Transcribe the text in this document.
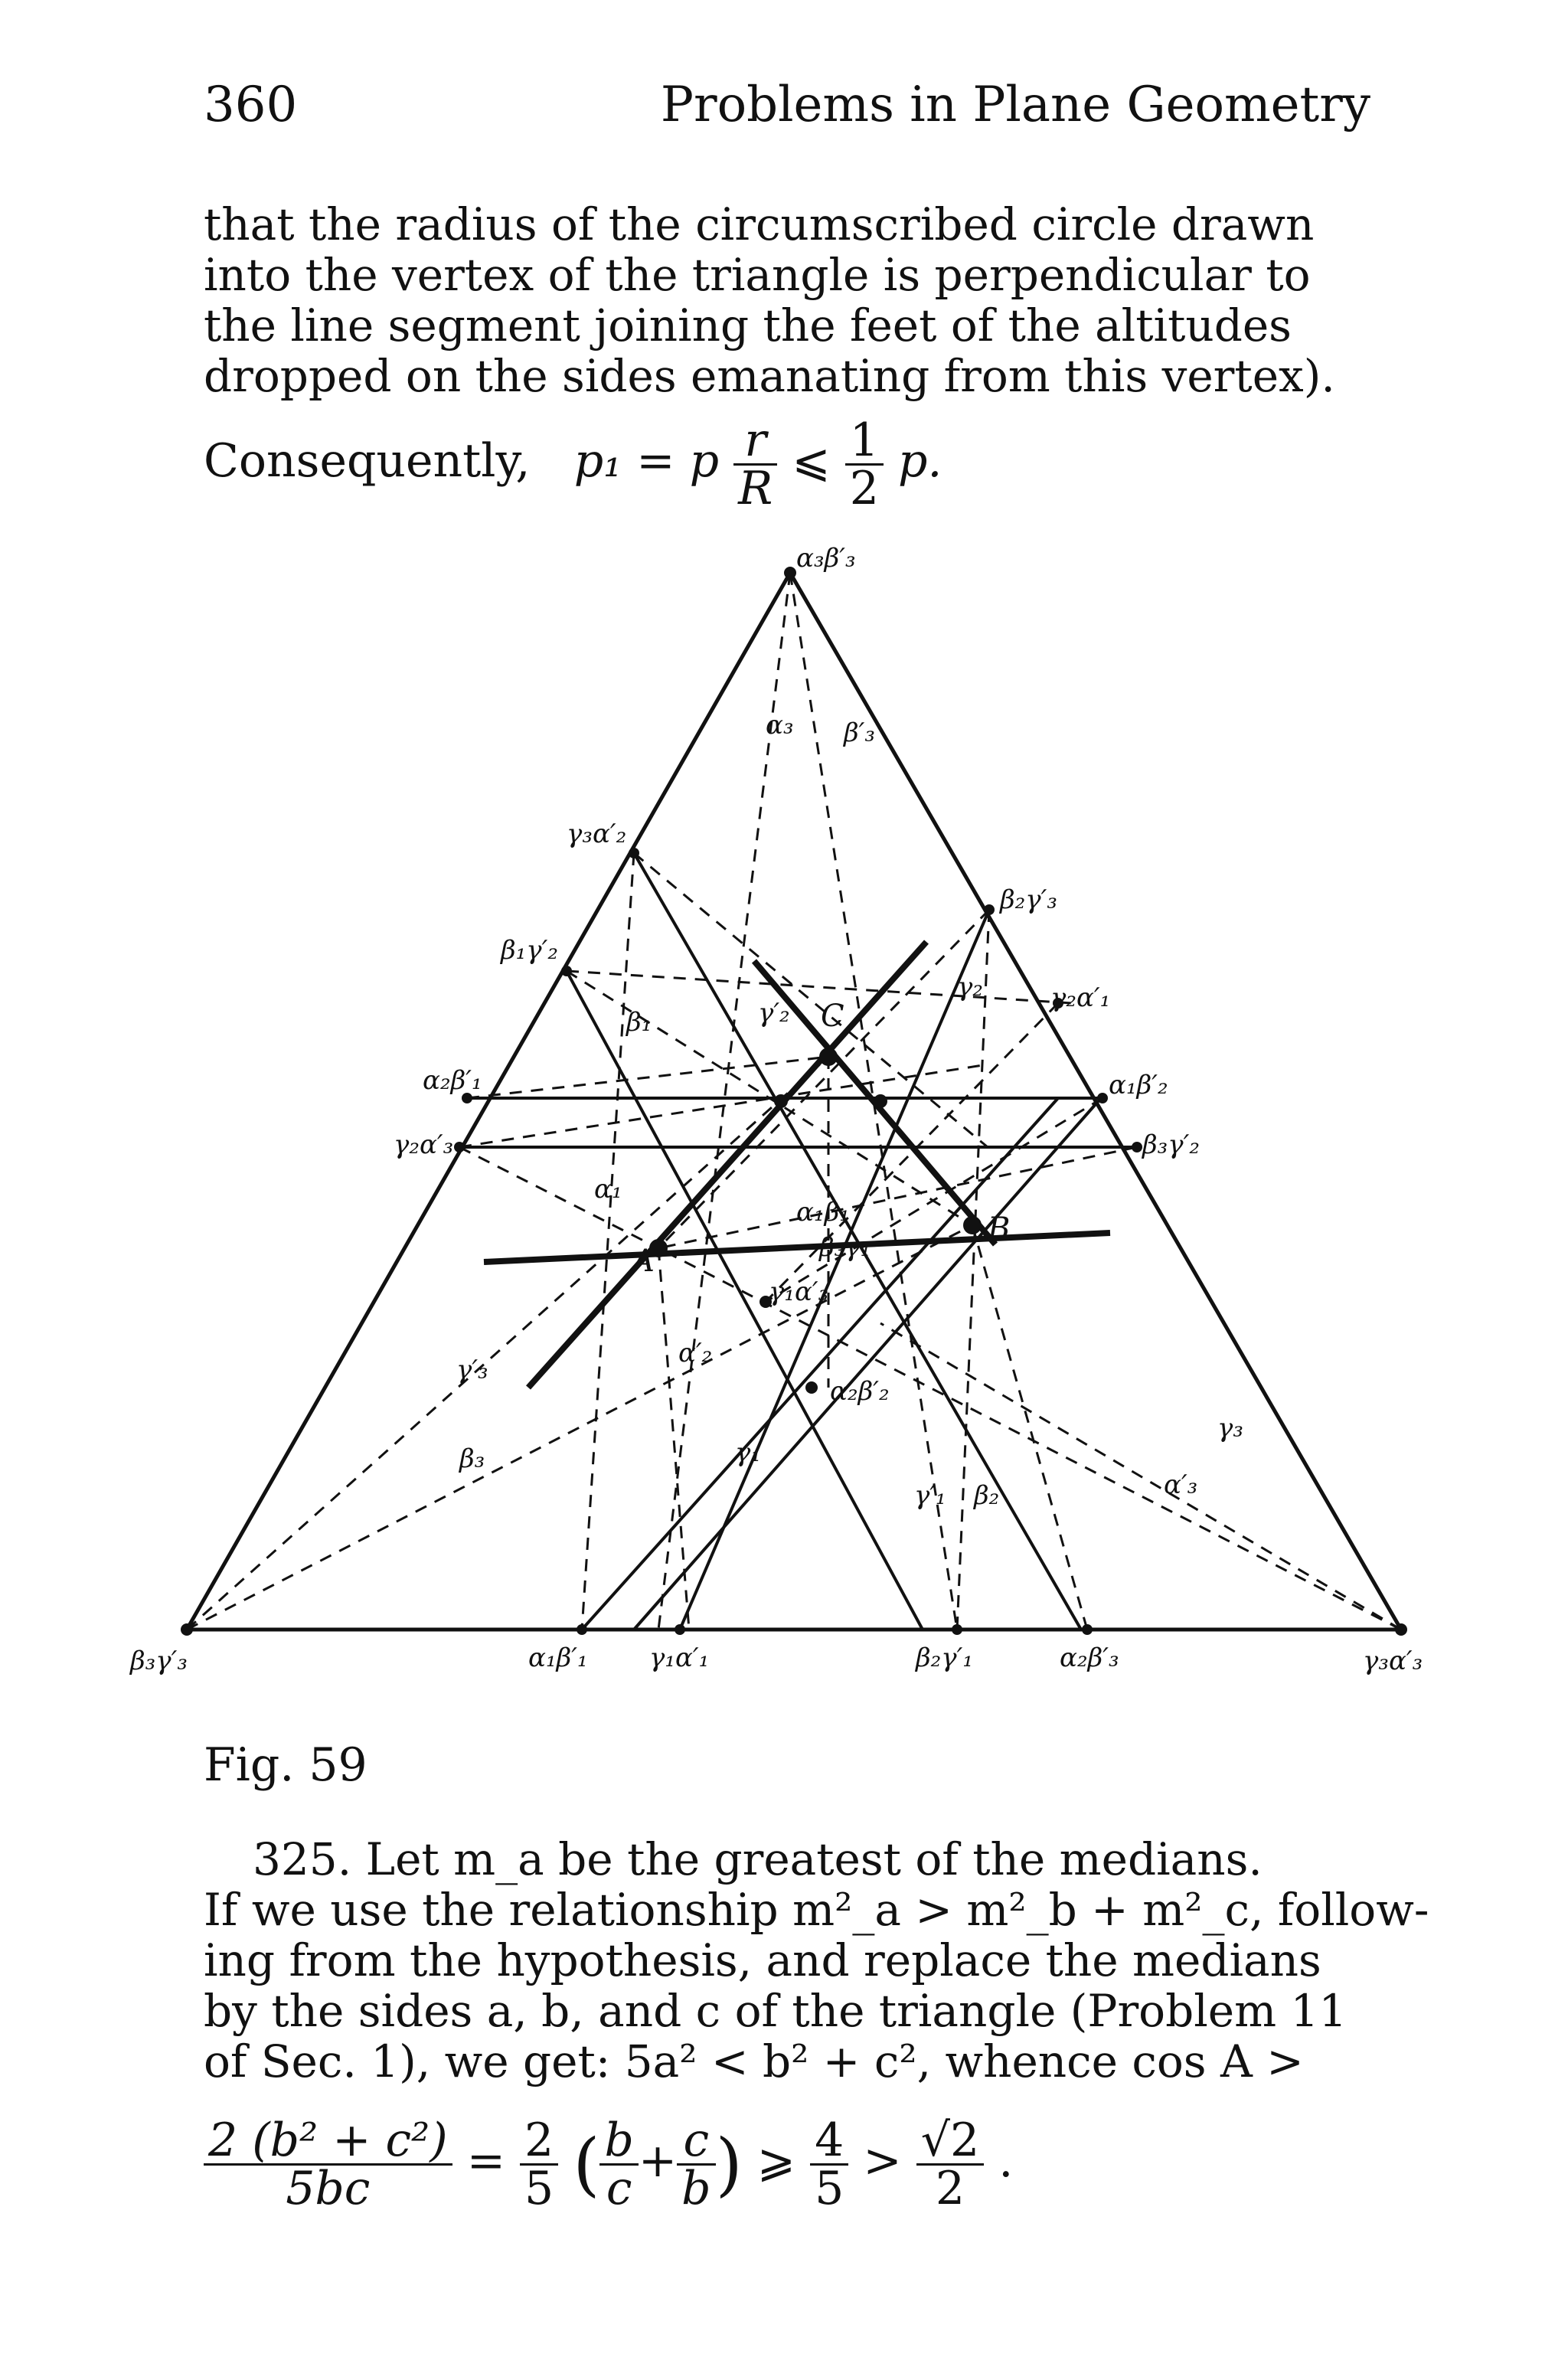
360	Problems in Plane Geometry
that the radius of the circumscribed circle drawn
into the vertex of the triangle is perpendicular to
the line segment joining the feet of the altitudes
dropped on the sides emanating from this vertex).
Consequently, p₁ = p $\frac{r}{R}$ ⩽ $\frac{1}{2} p$.
α₃β′₃
β₃γ′₃	γ₃α′₃
α₁β′₁ γ₁α′₁	β₂γ′₁	α₂β′₃
γ₃α′₂
β₁γ′₂
α₂β′₁
γ₂α′₃
β₂γ′₃
γ₂α′₁
α₁β′₂
β₃γ′₂
A
B
C
α₃ β′₃
γ′₃
β₃
γ₃
α′₃
α′₂
γ₁
γ′₁ β₂
α₂β′₂
γ₁α′₃
β₃γ₁
α₁β₁
β₁
α₁
γ′₂
γ₂
Fig. 59
325. Let m_a be the greatest of the medians.
If we use the relationship m²_a > m²_b + m²_c, follow-
ing from the hypothesis, and replace the medians
by the sides a, b, and c of the triangle (Problem 11
of Sec. 1), we get: 5a² < b² + c², whence cos A >
$\frac{\text{2 (b² + c²)}}{5bc} = \frac{2}{5}$ ( $\frac{b}{c} + \frac{c}{b}$ ) ⩾ $\frac{4}{5} > \frac{√2}{2}$ .
